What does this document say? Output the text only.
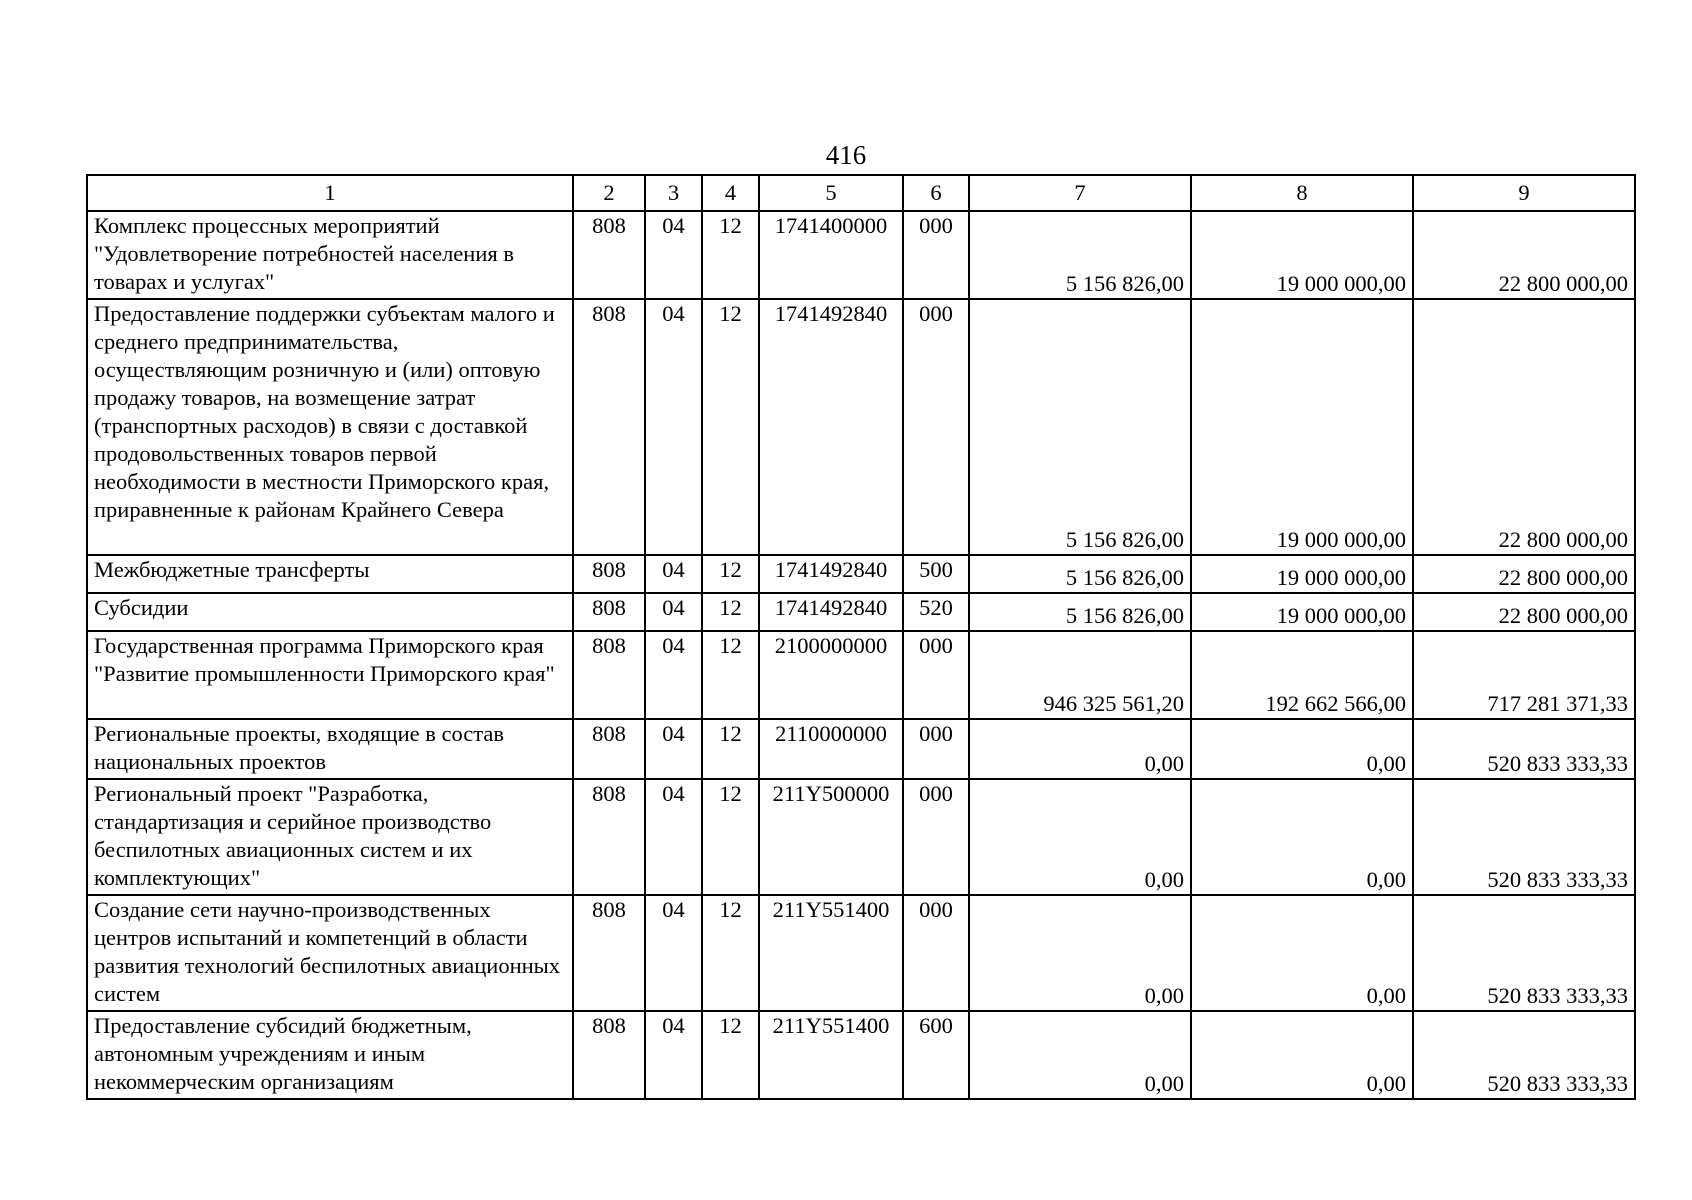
416
1	2	3	4	5	6	7	8	9
Комплекс процессных мероприятий "Удовлетворение потребностей населения в товарах и услугах"	808	04	12	1741400000	000	5 156 826,00	19 000 000,00	22 800 000,00
Предоставление поддержки субъектам малого и среднего предпринимательства, осуществляющим розничную и (или) оптовую продажу товаров, на возмещение затрат (транспортных расходов) в связи с доставкой продовольственных товаров первой необходимости в местности Приморского края, приравненные к районам Крайнего Севера	808	04	12	1741492840	000	5 156 826,00	19 000 000,00	22 800 000,00
Межбюджетные трансферты	808	04	12	1741492840	500	5 156 826,00	19 000 000,00	22 800 000,00
Субсидии	808	04	12	1741492840	520	5 156 826,00	19 000 000,00	22 800 000,00
Государственная программа Приморского края "Развитие промышленности Приморского края"	808	04	12	2100000000	000	946 325 561,20	192 662 566,00	717 281 371,33
Региональные проекты, входящие в состав национальных проектов	808	04	12	2110000000	000	0,00	0,00	520 833 333,33
Региональный проект "Разработка, стандартизация и серийное производство беспилотных авиационных систем и их комплектующих"	808	04	12	211Y500000	000	0,00	0,00	520 833 333,33
Создание сети научно-производственных центров испытаний и компетенций в области развития технологий беспилотных авиационных систем	808	04	12	211Y551400	000	0,00	0,00	520 833 333,33
Предоставление субсидий бюджетным, автономным учреждениям и иным некоммерческим организациям	808	04	12	211Y551400	600	0,00	0,00	520 833 333,33
